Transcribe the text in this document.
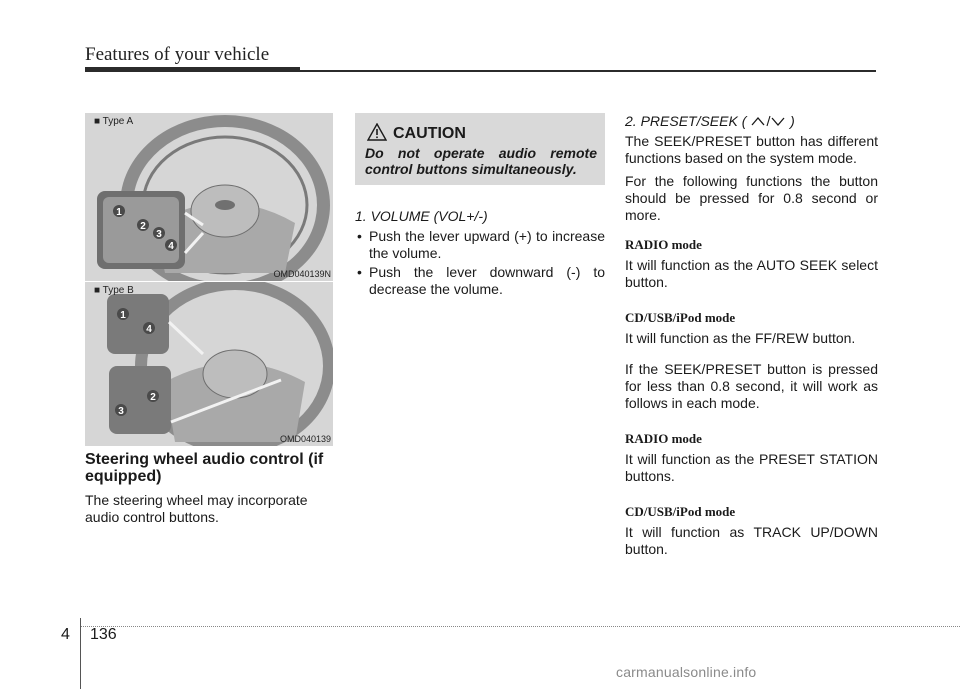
Features of your vehicle
1
2
3
4
■ Type A
OMD040139N
1
4
2
3
■ Type B
OMD040139
Steering wheel audio control (if equipped)
The steering wheel may incorporate audio control buttons.
CAUTION
Do not operate audio remote control buttons simultaneously.
1. VOLUME (VOL+/-)
• Push the lever upward (+) to increase the volume.
• Push the lever downward (-) to decrease the volume.
2. PRESET/SEEK (	)

The SEEK/PRESET button has different functions based on the system mode.

For the following functions the button should be pressed for 0.8 second or more.

RADIO mode

It will function as the AUTO SEEK select button.

CD/USB/iPod mode

It will function as the FF/REW button.

If the SEEK/PRESET button is pressed for less than 0.8 second, it will work as follows in each mode.

RADIO mode

It will function as the PRESET STATION buttons.

CD/USB/iPod mode

It will function as TRACK UP/DOWN button.

4 136
carmanualsonline.info
